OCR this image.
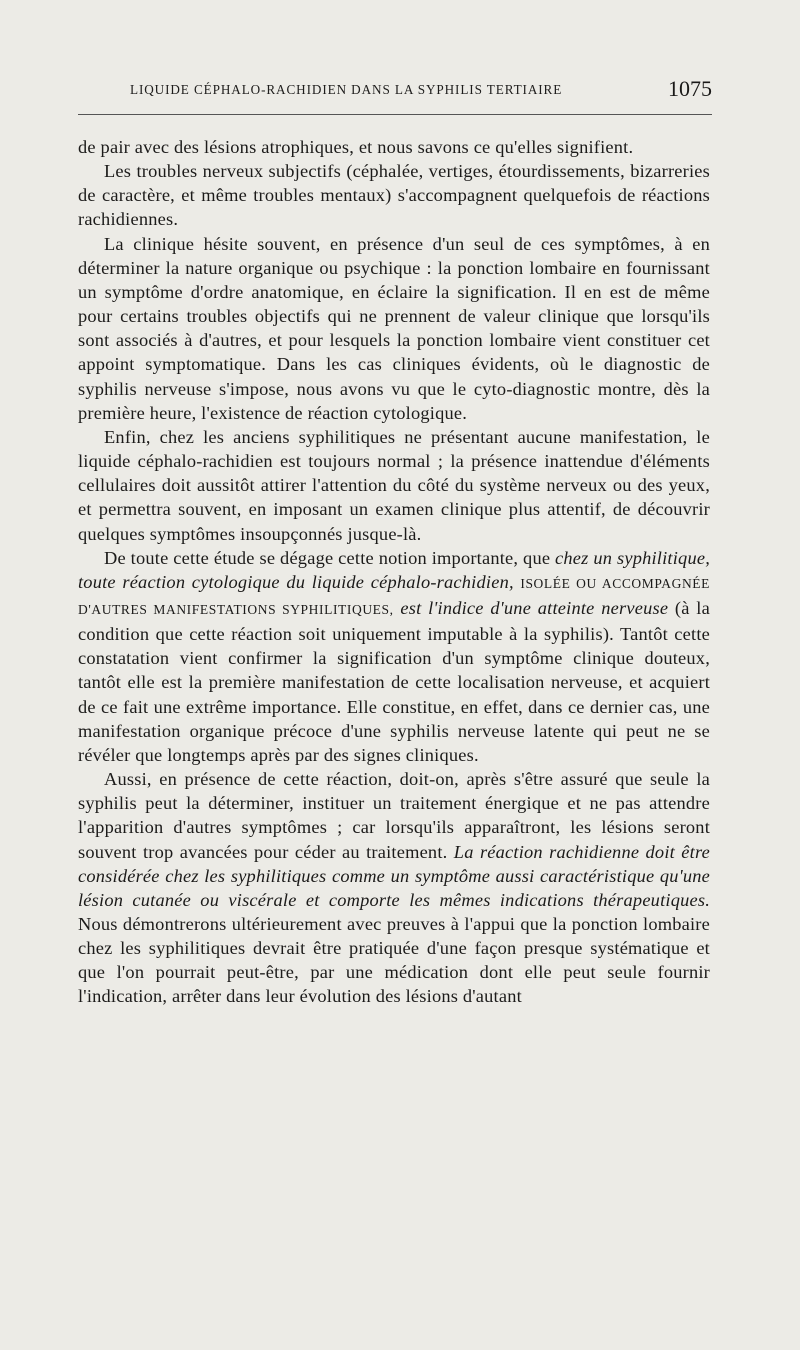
LIQUIDE CÉPHALO-RACHIDIEN DANS LA SYPHILIS TERTIAIRE	1075

de pair avec des lésions atrophiques, et nous savons ce qu'elles signifient.

Les troubles nerveux subjectifs (céphalée, vertiges, étourdissements, bizarreries de caractère, et même troubles mentaux) s'accompagnent quelquefois de réactions rachidiennes.

La clinique hésite souvent, en présence d'un seul de ces symptômes, à en déterminer la nature organique ou psychique : la ponction lombaire en fournissant un symptôme d'ordre anatomique, en éclaire la signification. Il en est de même pour certains troubles objectifs qui ne prennent de valeur clinique que lorsqu'ils sont associés à d'autres, et pour lesquels la ponction lombaire vient constituer cet appoint symptomatique. Dans les cas cliniques évidents, où le diagnostic de syphilis nerveuse s'impose, nous avons vu que le cyto-diagnostic montre, dès la première heure, l'existence de réaction cytologique.

Enfin, chez les anciens syphilitiques ne présentant aucune manifestation, le liquide céphalo-rachidien est toujours normal ; la présence inattendue d'éléments cellulaires doit aussitôt attirer l'attention du côté du système nerveux ou des yeux, et permettra souvent, en imposant un examen clinique plus attentif, de découvrir quelques symptômes insoupçonnés jusque-là.

De toute cette étude se dégage cette notion importante, que chez un syphilitique, toute réaction cytologique du liquide céphalo-rachidien, ISOLÉE OU ACCOMPAGNÉE D'AUTRES MANIFESTATIONS SYPHILITIQUES, est l'indice d'une atteinte nerveuse (à la condition que cette réaction soit uniquement imputable à la syphilis). Tantôt cette constatation vient confirmer la signification d'un symptôme clinique douteux, tantôt elle est la première manifestation de cette localisation nerveuse, et acquiert de ce fait une extrême importance. Elle constitue, en effet, dans ce dernier cas, une manifestation organique précoce d'une syphilis nerveuse latente qui peut ne se révéler que longtemps après par des signes cliniques.

Aussi, en présence de cette réaction, doit-on, après s'être assuré que seule la syphilis peut la déterminer, instituer un traitement énergique et ne pas attendre l'apparition d'autres symptômes ; car lorsqu'ils apparaîtront, les lésions seront souvent trop avancées pour céder au traitement. La réaction rachidienne doit être considérée chez les syphilitiques comme un symptôme aussi caractéristique qu'une lésion cutanée ou viscérale et comporte les mêmes indications thérapeutiques. Nous démontrerons ultérieurement avec preuves à l'appui que la ponction lombaire chez les syphilitiques devrait être pratiquée d'une façon presque systématique et que l'on pourrait peut-être, par une médication dont elle peut seule fournir l'indication, arrêter dans leur évolution des lésions d'autant
